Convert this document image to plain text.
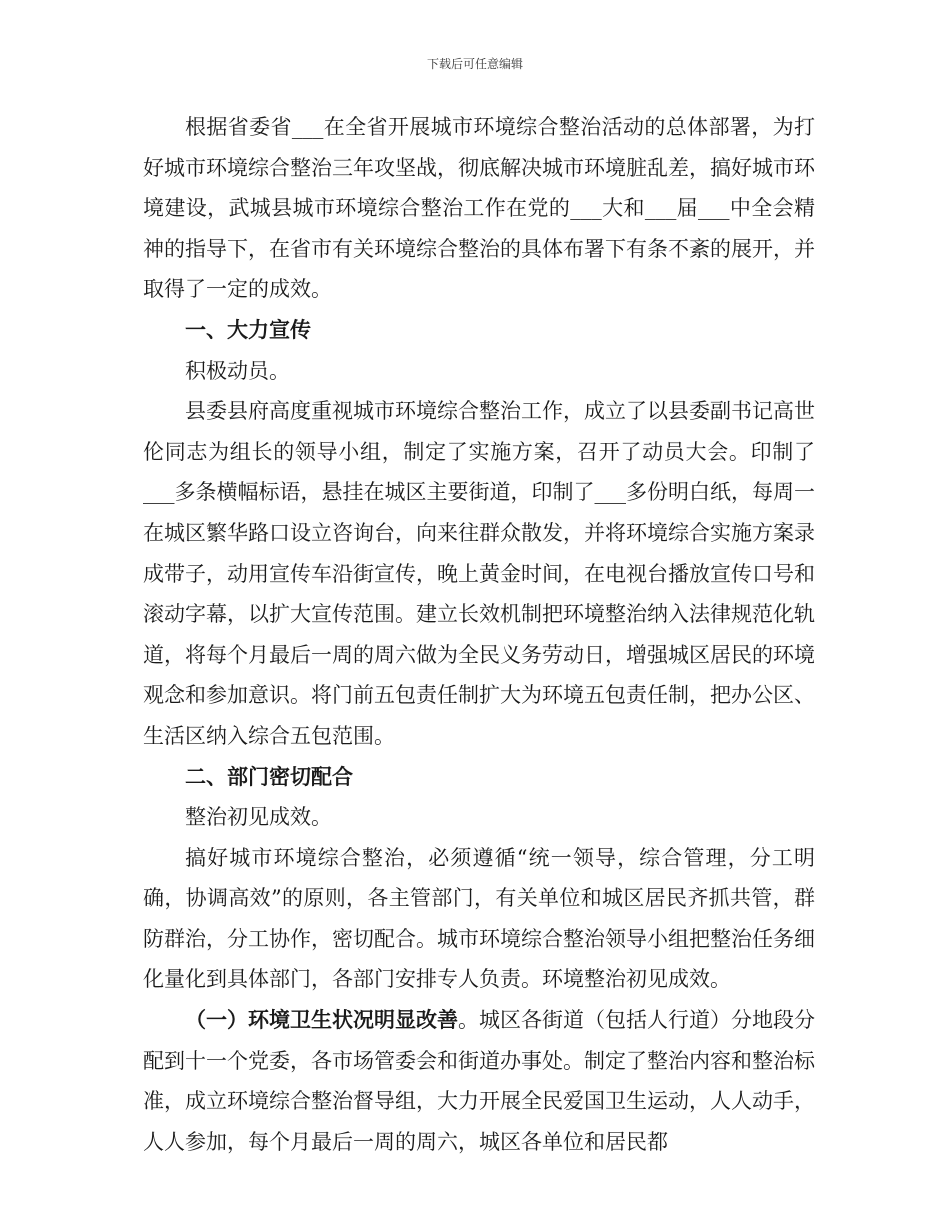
下载后可任意编辑

根据省委省___在全省开展城市环境综合整治活动的总体部署，为打好城市环境综合整治三年攻坚战，彻底解决城市环境脏乱差，搞好城市环境建设，武城县城市环境综合整治工作在党的___大和___届___中全会精神的指导下，在省市有关环境综合整治的具体布署下有条不紊的展开，并取得了一定的成效。

一、大力宣传

积极动员。

县委县府高度重视城市环境综合整治工作，成立了以县委副书记高世伦同志为组长的领导小组，制定了实施方案，召开了动员大会。印制了___多条横幅标语，悬挂在城区主要街道，印制了___多份明白纸，每周一在城区繁华路口设立咨询台，向来往群众散发，并将环境综合实施方案录成带子，动用宣传车沿街宣传，晚上黄金时间，在电视台播放宣传口号和滚动字幕，以扩大宣传范围。建立长效机制把环境整治纳入法律规范化轨道，将每个月最后一周的周六做为全民义务劳动日，增强城区居民的环境观念和参加意识。将门前五包责任制扩大为环境五包责任制，把办公区、生活区纳入综合五包范围。

二、部门密切配合

整治初见成效。

搞好城市环境综合整治，必须遵循“统一领导，综合管理，分工明确，协调高效”的原则，各主管部门，有关单位和城区居民齐抓共管，群防群治，分工协作，密切配合。城市环境综合整治领导小组把整治任务细化量化到具体部门，各部门安排专人负责。环境整治初见成效。

（一）环境卫生状况明显改善。城区各街道（包括人行道）分地段分配到十一个党委，各市场管委会和街道办事处。制定了整治内容和整治标准，成立环境综合整治督导组，大力开展全民爱国卫生运动，人人动手，人人参加，每个月最后一周的周六，城区各单位和居民都
